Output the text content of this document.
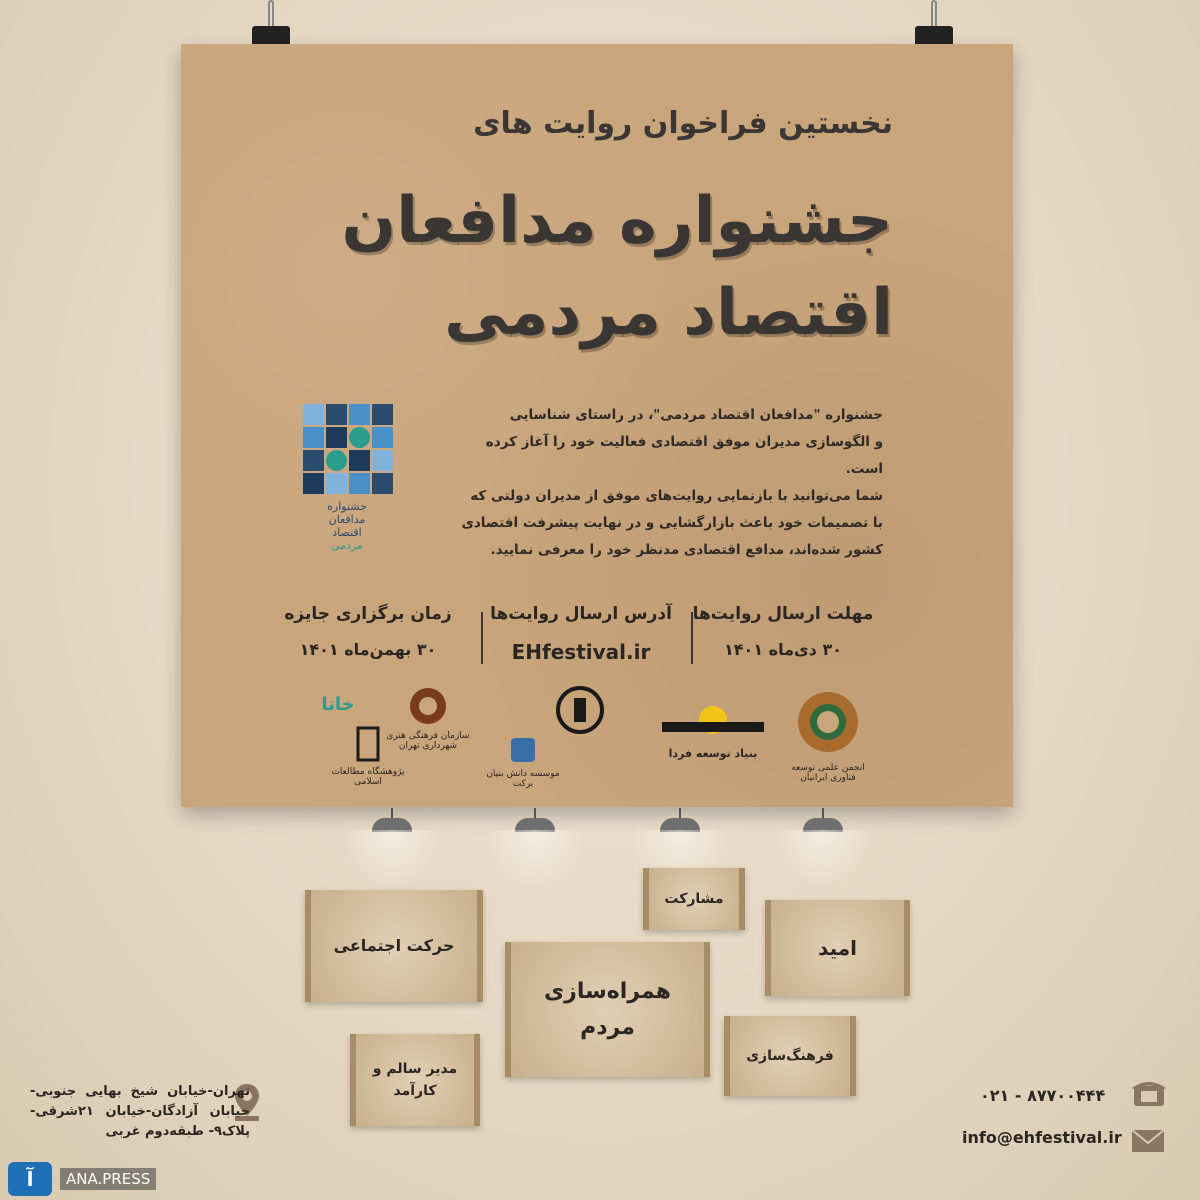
نخستین فراخوان روایت‌ های
جشنواره مدافعان
اقتصاد مردمی
جشنواره "مدافعان اقتصاد مردمی"، در راستای شناسایی
و الگوسازی مدیران موفق اقتصادی فعالیت خود را آغاز کرده
است.
شما می‌توانید با بازنمایی روایت‌های موفق از مدیران دولتی که
با تصمیمات خود باعث بازارگشایی و در نهایت پیشرفت اقتصادی
کشور شده‌اند، مدافع اقتصادی مدنظر خود را معرفی نمایید.
جشنواره
مدافعان
اقتصاد
مردمی
مهلت ارسال روایت‌ها
۳۰ دی‌ماه ۱۴۰۱
آدرس ارسال روایت‌ها
EHfestival.ir
زمان برگزاری جایزه
۳۰ بهمن‌ماه ۱۴۰۱
انجمن علمی توسعه فناوری ایرانیان
بنیاد توسعه فردا
موسسه دانش بنیان برکت
سازمان فرهنگی هنری شهرداری تهران
پژوهشگاه مطالعات اسلامی
خانا
مشارکت
امید
حرکت اجتماعی
همراه‌سازی مردم
فرهنگ‌سازی
مدیر سالم و کارآمد	۰۲۱ - ۸۷۷۰۰۴۴۴
info@ehfestival.ir
تهران-خیابان شیخ بهایی جنوبی-خیابان آزادگان-خیابان ۲۱شرقی-پلاک۹- طبقه‌دوم غربی
آ	ANA.PRESS
